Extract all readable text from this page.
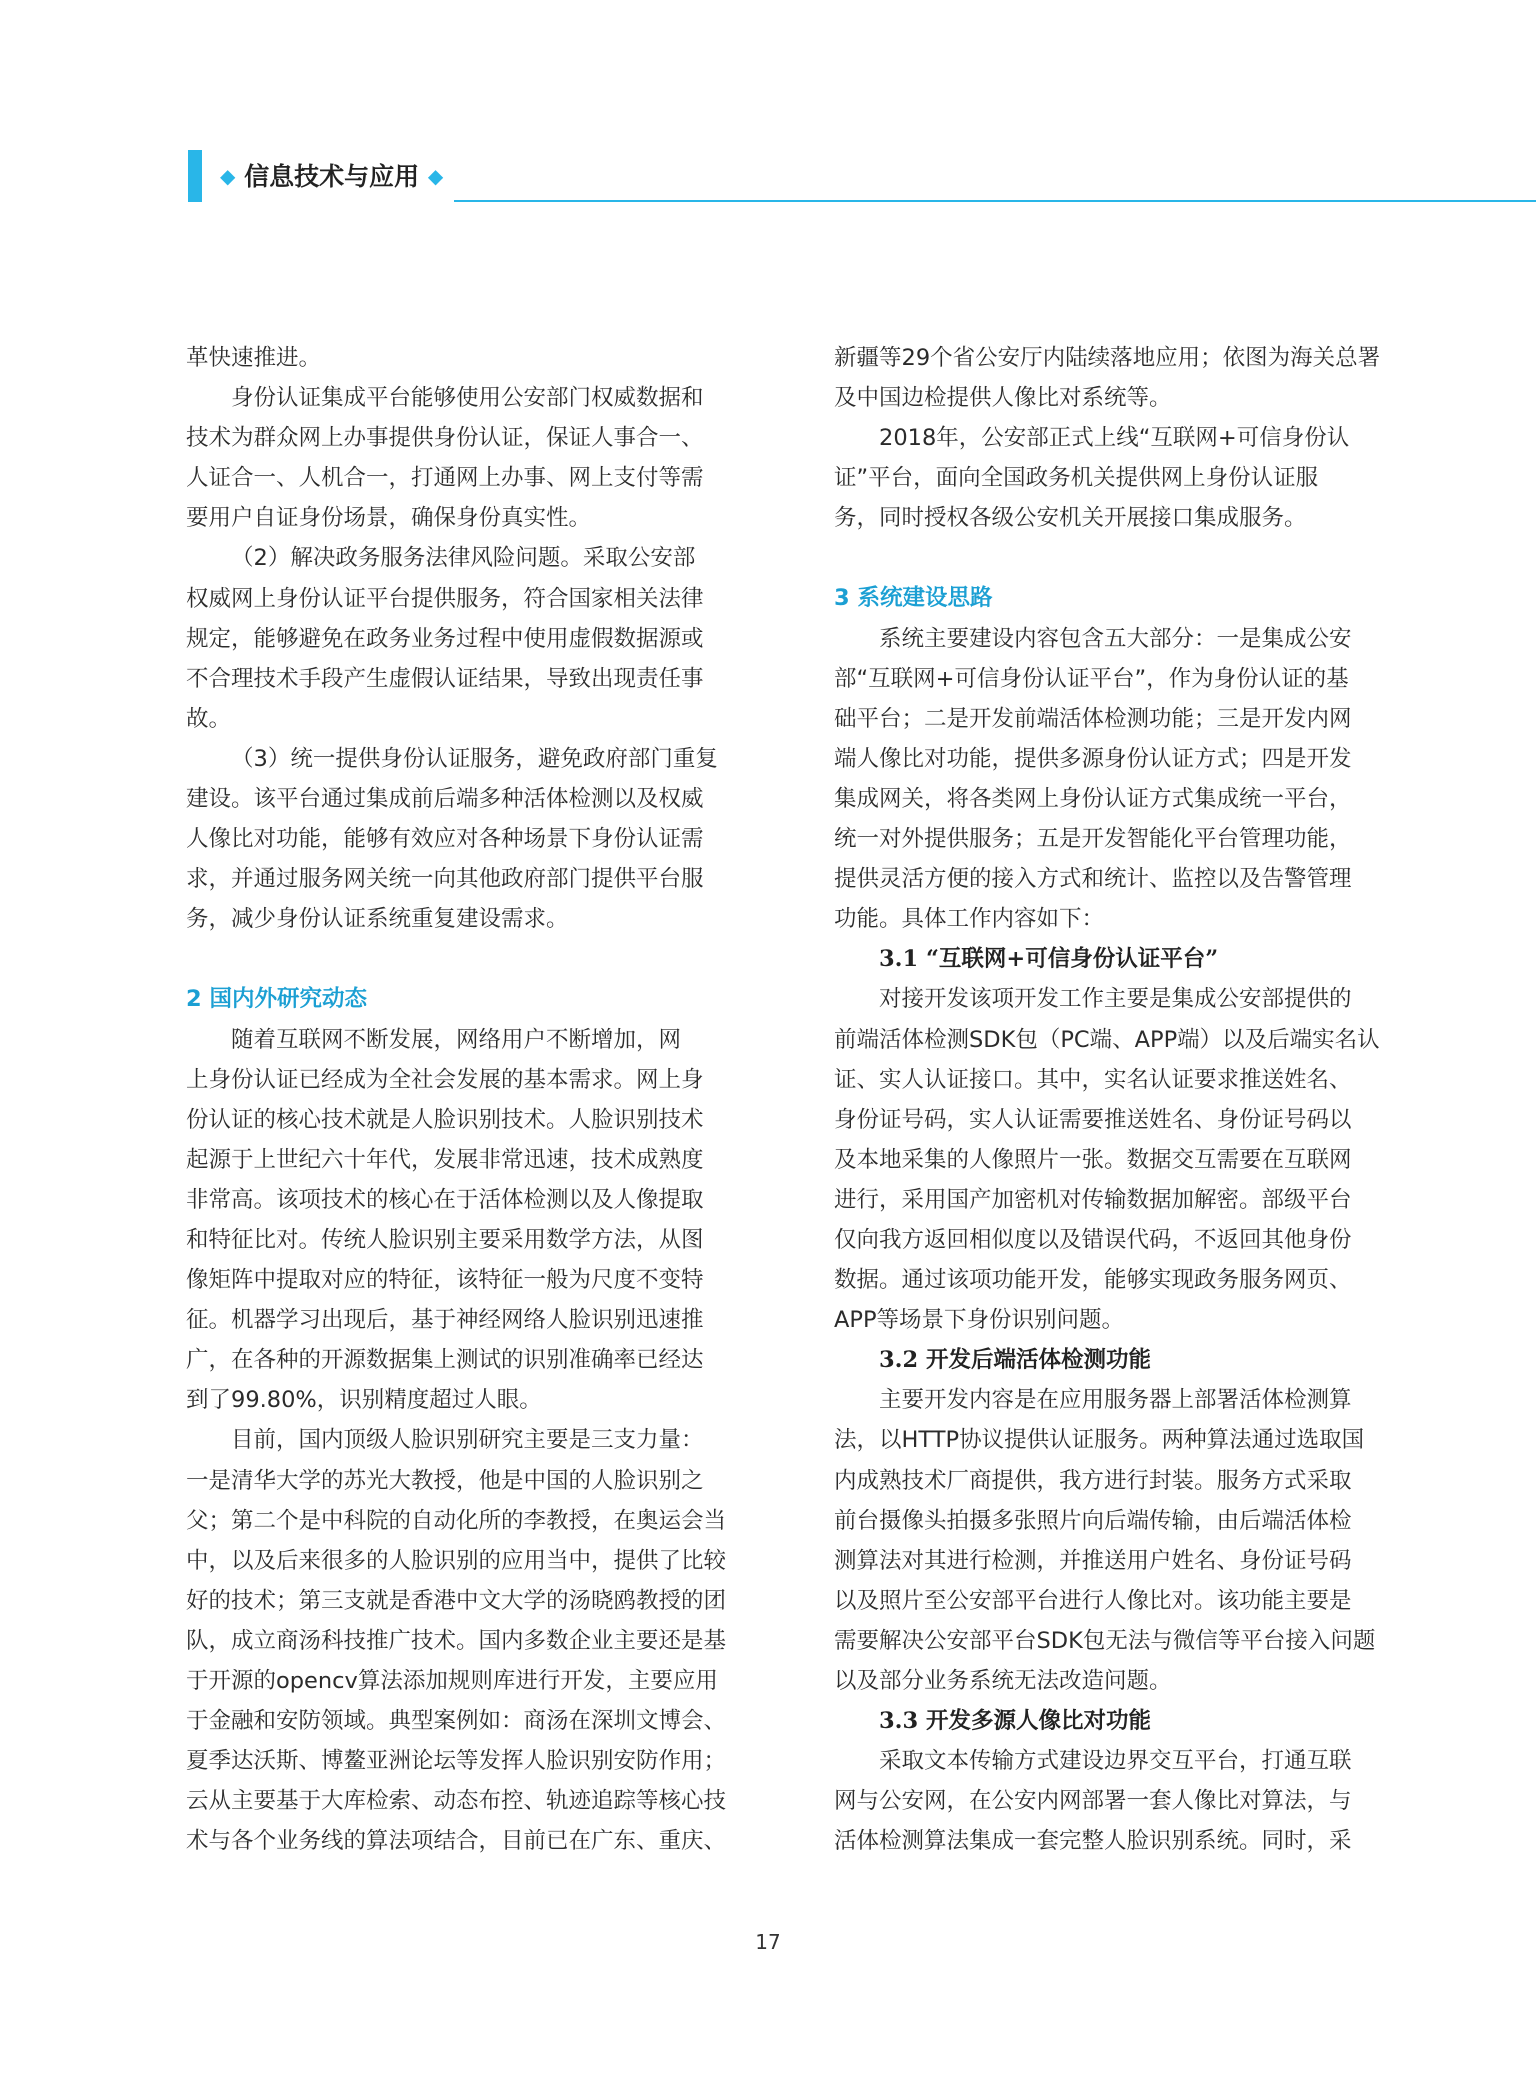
◆ 信息技术与应用 ◆

革快速推进。

身份认证集成平台能够使用公安部门权威数据和

技术为群众网上办事提供身份认证，保证人事合一、

人证合一、人机合一，打通网上办事、网上支付等需

要用户自证身份场景，确保身份真实性。

（2）解决政务服务法律风险问题。采取公安部

权威网上身份认证平台提供服务，符合国家相关法律

规定，能够避免在政务业务过程中使用虚假数据源或

不合理技术手段产生虚假认证结果，导致出现责任事

故。

（3）统一提供身份认证服务，避免政府部门重复

建设。该平台通过集成前后端多种活体检测以及权威

人像比对功能，能够有效应对各种场景下身份认证需

求，并通过服务网关统一向其他政府部门提供平台服

务，减少身份认证系统重复建设需求。

2 国内外研究动态

随着互联网不断发展，网络用户不断增加，网

上身份认证已经成为全社会发展的基本需求。网上身

份认证的核心技术就是人脸识别技术。人脸识别技术

起源于上世纪六十年代，发展非常迅速，技术成熟度

非常高。该项技术的核心在于活体检测以及人像提取

和特征比对。传统人脸识别主要采用数学方法，从图

像矩阵中提取对应的特征，该特征一般为尺度不变特

征。机器学习出现后，基于神经网络人脸识别迅速推

广，在各种的开源数据集上测试的识别准确率已经达

到了99.80%，识别精度超过人眼。

目前，国内顶级人脸识别研究主要是三支力量：

一是清华大学的苏光大教授，他是中国的人脸识别之

父；第二个是中科院的自动化所的李教授，在奥运会当

中，以及后来很多的人脸识别的应用当中，提供了比较

好的技术；第三支就是香港中文大学的汤晓鸥教授的团

队，成立商汤科技推广技术。国内多数企业主要还是基

于开源的opencv算法添加规则库进行开发，主要应用

于金融和安防领域。典型案例如：商汤在深圳文博会、

夏季达沃斯、博鳌亚洲论坛等发挥人脸识别安防作用；

云从主要基于大库检索、动态布控、轨迹追踪等核心技

术与各个业务线的算法项结合，目前已在广东、重庆、

新疆等29个省公安厅内陆续落地应用；依图为海关总署

及中国边检提供人像比对系统等。

2018年，公安部正式上线“互联网+可信身份认

证”平台，面向全国政务机关提供网上身份认证服

务，同时授权各级公安机关开展接口集成服务。

3 系统建设思路

系统主要建设内容包含五大部分：一是集成公安

部“互联网+可信身份认证平台”，作为身份认证的基

础平台；二是开发前端活体检测功能；三是开发内网

端人像比对功能，提供多源身份认证方式；四是开发

集成网关，将各类网上身份认证方式集成统一平台，

统一对外提供服务；五是开发智能化平台管理功能，

提供灵活方便的接入方式和统计、监控以及告警管理

功能。具体工作内容如下：

3.1 “互联网+可信身份认证平台”

对接开发该项开发工作主要是集成公安部提供的

前端活体检测SDK包（PC端、APP端）以及后端实名认

证、实人认证接口。其中，实名认证要求推送姓名、

身份证号码，实人认证需要推送姓名、身份证号码以

及本地采集的人像照片一张。数据交互需要在互联网

进行，采用国产加密机对传输数据加解密。部级平台

仅向我方返回相似度以及错误代码，不返回其他身份

数据。通过该项功能开发，能够实现政务服务网页、

APP等场景下身份识别问题。

3.2 开发后端活体检测功能

主要开发内容是在应用服务器上部署活体检测算

法，以HTTP协议提供认证服务。两种算法通过选取国

内成熟技术厂商提供，我方进行封装。服务方式采取

前台摄像头拍摄多张照片向后端传输，由后端活体检

测算法对其进行检测，并推送用户姓名、身份证号码

以及照片至公安部平台进行人像比对。该功能主要是

需要解决公安部平台SDK包无法与微信等平台接入问题

以及部分业务系统无法改造问题。

3.3 开发多源人像比对功能

采取文本传输方式建设边界交互平台，打通互联

网与公安网，在公安内网部署一套人像比对算法，与

活体检测算法集成一套完整人脸识别系统。同时，采

17
